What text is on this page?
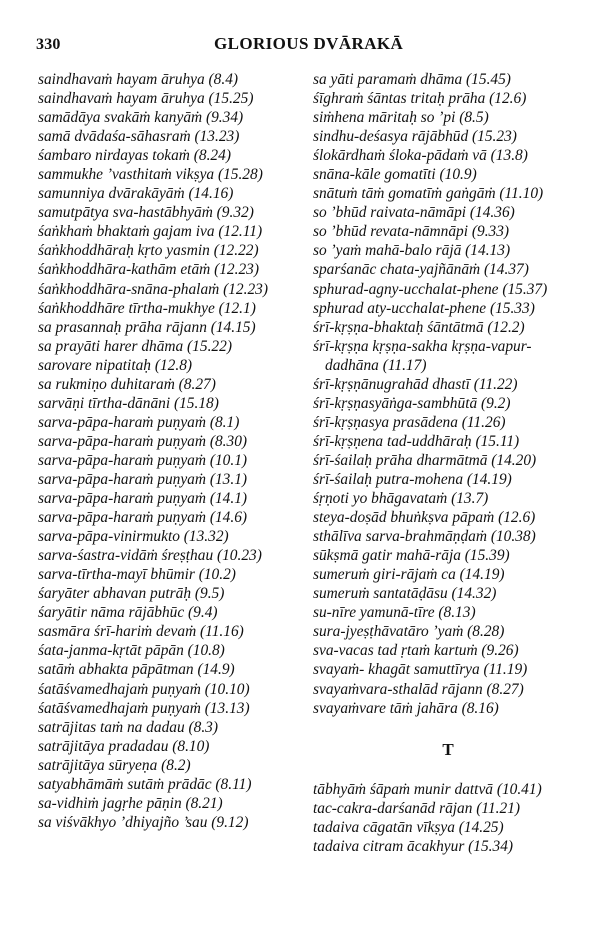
330	GLORIOUS DVĀRAKĀ
saindhavaṁ hayam āruhya (8.4)
saindhavaṁ hayam āruhya (15.25)
samādāya svakāṁ kanyāṁ (9.34)
samā dvādaśa-sāhasraṁ (13.23)
śambaro nirdayas tokaṁ (8.24)
sammukhe ’vasthitaṁ vikṣya (15.28)
samunniya dvārakāyāṁ (14.16)
samutpātya sva-hastābhyāṁ (9.32)
śaṅkhaṁ bhaktaṁ gajam iva (12.11)
śaṅkhoddhāraḥ kṛto yasmin (12.22)
śaṅkhoddhāra-kathām etāṁ (12.23)
śaṅkhoddhāra-snāna-phalaṁ (12.23)
śaṅkhoddhāre tīrtha-mukhye (12.1)
sa prasannaḥ prāha rājann (14.15)
sa prayāti harer dhāma (15.22)
sarovare nipatitaḥ (12.8)
sa rukmiṇo duhitaraṁ (8.27)
sarvāṇi tīrtha-dānāni (15.18)
sarva-pāpa-haraṁ puṇyaṁ (8.1)
sarva-pāpa-haraṁ puṇyaṁ (8.30)
sarva-pāpa-haraṁ puṇyaṁ (10.1)
sarva-pāpa-haraṁ puṇyaṁ (13.1)
sarva-pāpa-haraṁ puṇyaṁ (14.1)
sarva-pāpa-haraṁ puṇyaṁ (14.6)
sarva-pāpa-vinirmukto (13.32)
sarva-śastra-vidāṁ śreṣṭhau (10.23)
sarva-tīrtha-mayī bhūmir (10.2)
śaryāter abhavan putrāḥ (9.5)
śaryātir nāma rājābhūc (9.4)
sasmāra śrī-hariṁ devaṁ (11.16)
śata-janma-kṛtāt pāpān (10.8)
satāṁ abhakta pāpātman (14.9)
śatāśvamedhajaṁ puṇyaṁ (10.10)
śatāśvamedhajaṁ puṇyaṁ (13.13)
satrājitas taṁ na dadau (8.3)
satrājitāya pradadau (8.10)
satrājitāya sūryeṇa (8.2)
satyabhāmāṁ sutāṁ prādāc (8.11)
sa-vidhiṁ jagṛhe pāṇin (8.21)
sa viśvākhyo ’dhiyajño ’sau (9.12)
sa yāti paramaṁ dhāma (15.45)
śīghraṁ śāntas tritaḥ prāha (12.6)
siṁhena māritaḥ so ’pi (8.5)
sindhu-deśasya rājābhūd (15.23)
ślokārdhaṁ śloka-pādaṁ vā (13.8)
snāna-kāle gomatīti (10.9)
snātuṁ tāṁ gomatīṁ gaṅgāṁ (11.10)
so ’bhūd raivata-nāmāpi (14.36)
so ’bhūd revata-nāmnāpi (9.33)
so ’yaṁ mahā-balo rājā (14.13)
sparśanāc chata-yajñānāṁ (14.37)
sphurad-agny-ucchalat-phene (15.37)
sphurad aty-ucchalat-phene (15.33)
śrī-kṛṣṇa-bhaktaḥ śāntātmā (12.2)
śrī-kṛṣṇa kṛṣṇa-sakha kṛṣṇa-vapur-
dadhāna (11.17)
śrī-kṛṣṇānugrahād dhastī (11.22)
śrī-kṛṣṇasyāṅga-sambhūtā (9.2)
śrī-kṛṣṇasya prasādena (11.26)
śrī-kṛṣṇena tad-uddhāraḥ (15.11)
śrī-śailaḥ prāha dharmātmā (14.20)
śrī-śailaḥ putra-mohena (14.19)
śṛṇoti yo bhāgavataṁ (13.7)
steya-doṣād bhuṅkṣva pāpaṁ (12.6)
sthālīva sarva-brahmāṇḍaṁ (10.38)
sūkṣmā gatir mahā-rāja (15.39)
sumeruṁ giri-rājaṁ ca (14.19)
sumeruṁ santatāḍāsu (14.32)
su-nīre yamunā-tīre (8.13)
sura-jyeṣṭhāvatāro ’yaṁ (8.28)
sva-vacas tad ṛtaṁ kartuṁ (9.26)
svayaṁ- khagāt samuttīrya (11.19)
svayaṁvara-sthalād rājann (8.27)
svayaṁvare tāṁ jahāra (8.16)
T
tābhyāṁ śāpaṁ munir dattvā (10.41)
tac-cakra-darśanād rājan (11.21)
tadaiva cāgatān vīkṣya (14.25)
tadaiva citram ācakhyur (15.34)
